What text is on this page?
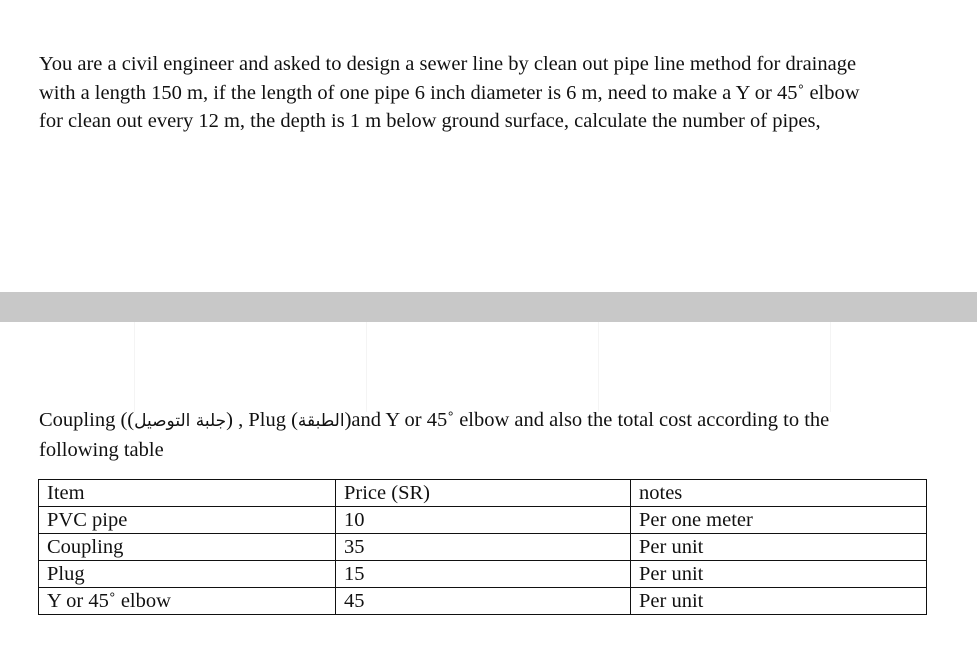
You are a civil engineer and asked to design a sewer line by clean out pipe line method for drainage
with a length 150 m, if the length of one pipe 6 inch diameter is 6 m, need to make a Y or 45˚ elbow
for clean out every 12 m, the depth is 1 m below ground surface, calculate the number of pipes,
Coupling ((جلبة التوصيل) , Plug (الطبقة)and Y or 45˚ elbow and also the total cost according to the
following table
Item	Price (SR)	notes
PVC pipe	10	Per one meter
Coupling	35	Per unit
Plug	15	Per unit
Y or 45˚ elbow	45	Per unit
